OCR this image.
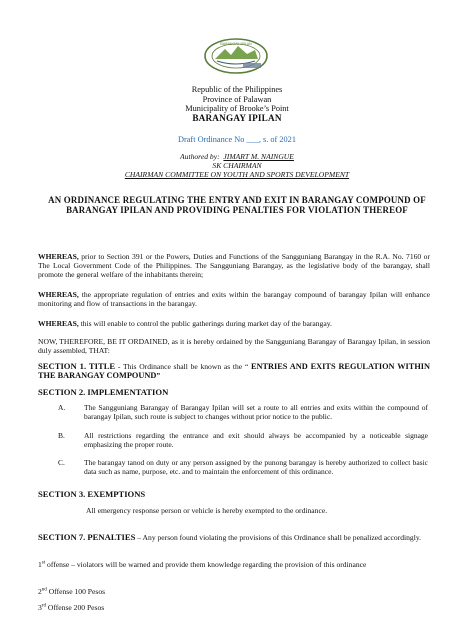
BARANGAY IPILAN
Republic of the Philippines
Province of Palawan
Municipality of Brooke’s Point
BARANGAY IPILAN
Draft Ordinance No ___, s. of 2021
Authored by: JIMART M. NAINGUE
SK CHAIRMAN
CHAIRMAN COMMITTEE ON YOUTH AND SPORTS DEVELOPMENT
AN ORDINANCE REGULATING THE ENTRY AND EXIT IN BARANGAY COMPOUND OF BARANGAY IPILAN AND PROVIDING PENALTIES FOR VIOLATION THEREOF

WHEREAS, prior to Section 391 or the Powers, Duties and Functions of the Sangguniang Barangay in the R.A. No. 7160 or The Local Government Code of the Philippines. The Sangguniang Barangay, as the legislative body of the barangay, shall promote the general welfare of the inhabitants therein;

WHEREAS, the appropriate regulation of entries and exits within the barangay compound of barangay Ipilan will enhance monitoring and flow of transactions in the barangay.

WHEREAS, this will enable to control the public gatherings during market day of the barangay.

NOW, THEREFORE, BE IT ORDAINED, as it is hereby ordained by the Sangguniang Barangay of Barangay Ipilan, in session duly assembled, THAT:

SECTION 1. TITLE - This Ordinance shall be known as the “ ENTRIES AND EXITS REGULATION WITHIN THE BARANGAY COMPOUND”

SECTION 2. IMPLEMENTATION
A.	The Sangguniang Barangay of Barangay Ipilan will set a route to all entries and exits within the compound of barangay Ipilan, such route is subject to changes without prior notice to the public.
B.	All restrictions regarding the entrance and exit should always be accompanied by a noticeable signage emphasizing the proper route.
C.	The barangay tanod on duty or any person assigned by the punong barangay is hereby authorized to collect basic data such as name, purpose, etc. and to maintain the enforcement of this ordinance.
SECTION 3. EXEMPTIONS
All emergency response person or vehicle is hereby exempted to the ordinance.

SECTION 7. PENALTIES – Any person found violating the provisions of this Ordinance shall be penalized accordingly.

1st offense – violators will be warned and provide them knowledge regarding the provision of this ordinance

2nd Offense 100 Pesos

3rd Offense 200 Pesos
